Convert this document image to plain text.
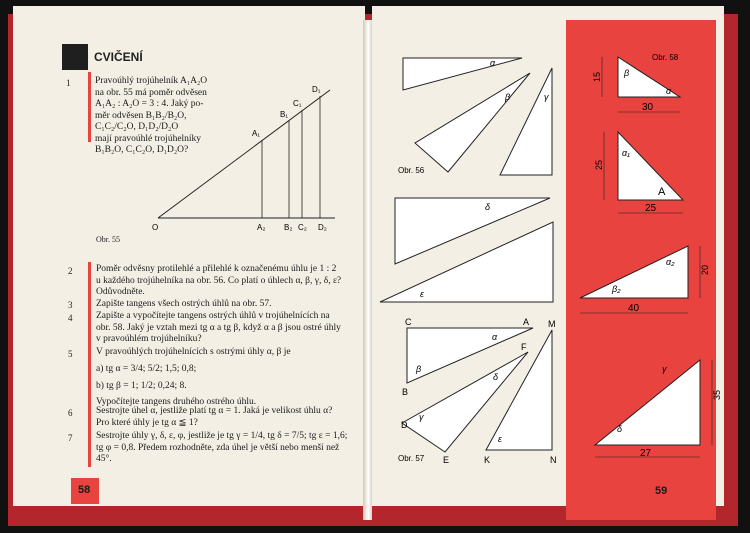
CVIČENÍ
1	Pravoúhlý trojúhelník A₁A₂O
na obr. 55 má poměr odvěsen
A₁A₂ : A₂O = 3 : 4. Jaký po-
měr odvěsen B₁B₂/B₂O, C₁C₂/C₂O, D₁D₂/D₂O
mají pravoúhlé trojúhelníky
B₁B₂O, C₁C₂O, D₁D₂O?
O
A₁
A₂
B₁
B₂
C₁
C₂
D₁
D₂
Obr. 55
2 Poměr odvěsny protilehlé a přilehlé k označenému úhlu je 1 : 2
u každého trojúhelníka na obr. 56. Co platí o úhlech α, β, γ, δ, ε?
Odůvodněte.
3 Zapište tangens všech ostrých úhlů na obr. 57.
4 Zapište a vypočítejte tangens ostrých úhlů v trojúhelnících na
obr. 58. Jaký je vztah mezi tg α a tg β, když α a β jsou ostré úhly
v pravoúhlém trojúhelníku?
5 V pravoúhlých trojúhelnících s ostrými úhly α, β je
a) tg α = 3/4; 5/2; 1,5; 0,8;
b) tg β = 1; 1/2; 0,24; 8.
Vypočítejte tangens druhého ostrého úhlu.
6 Sestrojte úhel α, jestliže platí tg α = 1. Jaká je velikost úhlu α?
Pro které úhly je tg α ≦ 1?
7 Sestrojte úhly γ, δ, ε, φ, jestliže je tg γ = 1/4, tg δ = 7/5; tg ε = 1,6;
tg φ = 0,8. Předem rozhodněte, zda úhel je větší nebo menší než
45°.
58
α
β	γ
δ
ε
Obr. 56
C	A M
B
F
D
E	K	N
α
β
γ
δ
ε
Obr. 57
Obr. 58
15
30
25
25
20
40
35
27
β
α
α₁
A
α₂
β₂
γ
δ
59
